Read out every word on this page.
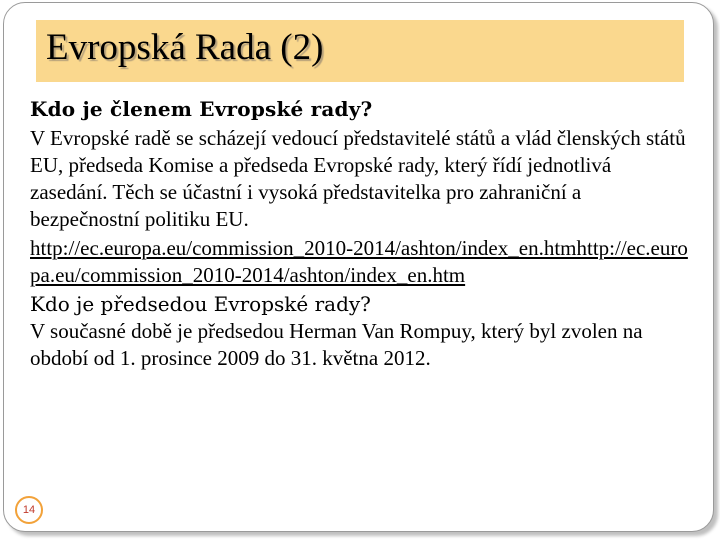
Evropská Rada (2)

Kdo je členem Evropské rady?

V Evropské radě se scházejí vedoucí představitelé států a vlád členských států EU, předseda Komise a předseda Evropské rady, který řídí jednotlivá zasedání. Těch se účastní i vysoká představitelka pro zahraniční a bezpečnostní politiku EU.

http://ec.europa.eu/commission_2010-2014/ashton/index_en.htmhttp://ec.europa.eu/commission_2010-2014/ashton/index_en.htm

Kdo je předsedou Evropské rady?

V současné době je předsedou Herman Van Rompuy, který byl zvolen na období od 1. prosince 2009 do 31. května 2012.

14
